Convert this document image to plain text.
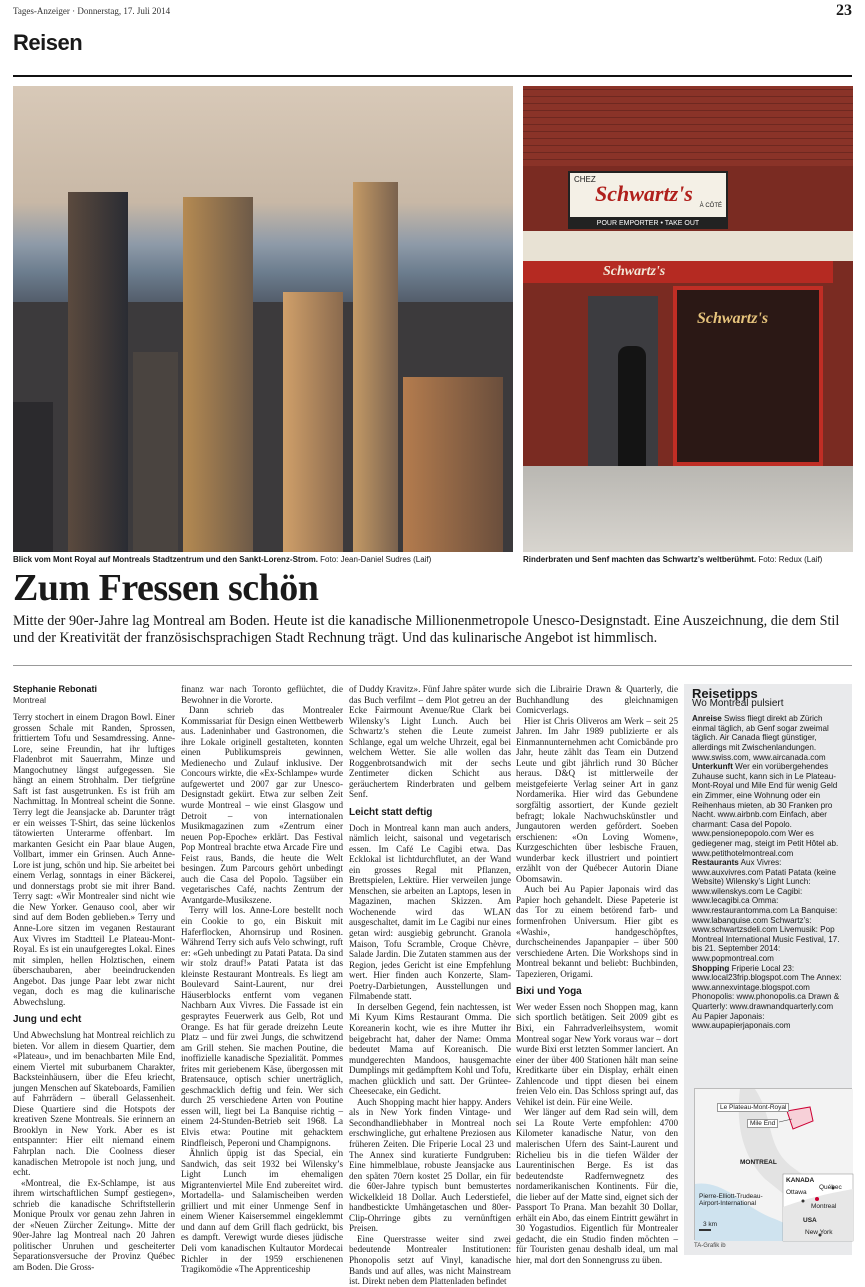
Tages-Anzeiger · Donnerstag, 17. Juli 2014	23
Reisen
Blick vom Mont Royal auf Montreals Stadtzentrum und den Sankt-Lorenz-Strom. Foto: Jean-Daniel Sudres (Laif)
CHEZ
Schwartz's À CÔTÉ
POUR EMPORTER • TAKE OUT
Schwartz's
Schwartz's
Rinderbraten und Senf machten das Schwartz’s weltberühmt. Foto: Redux (Laif)
Zum Fressen schön
Mitte der 90er-Jahre lag Montreal am Boden. Heute ist die kanadische Millionenmetropole Unesco-Designstadt. Eine Auszeichnung, die dem Stil und der Kreativität der französischsprachigen Stadt Rechnung trägt. Und das kulinarische Angebot ist himmlisch.
Stephanie Rebonati
Montreal

Terry stochert in einem Dragon Bowl. Einer grossen Schale mit Randen, Sprossen, frittiertem Tofu und Sesamdressing. Anne-Lore, seine Freundin, hat ihr luftiges Fladenbrot mit Sauerrahm, Minze und Mangochutney längst aufgegessen. Sie hängt an einem Strohhalm. Der tiefgrüne Saft ist fast ausgetrunken. Es ist früh am Nachmittag. In Montreal scheint die Sonne. Terry legt die Jeansjacke ab. Darunter trägt er ein weisses T-Shirt, das seine lückenlos tätowierten Unterarme offenbart. Im markanten Gesicht ein Paar blaue Augen, Vollbart, immer ein Grinsen. Auch Anne-Lore ist jung, schön und hip. Sie arbeitet bei einem Verlag, sonntags in einer Bäckerei, und donnerstags probt sie mit ihrer Band. Terry sagt: «Wir Montrealer sind nicht wie die New Yorker. Genauso cool, aber wir sind auf dem Boden geblieben.» Terry und Anne-Lore sitzen im veganen Restaurant Aux Vivres im Stadtteil Le Plateau-Mont-Royal. Es ist ein unaufgeregtes Lokal. Eines mit simplen, hellen Holztischen, einem überschaubaren, aber beeindruckenden Angebot. Das junge Paar lebt zwar nicht vegan, doch es mag die kulinarische Abwechslung.

Jung und echt

Und Abwechslung hat Montreal reichlich zu bieten. Vor allem in diesem Quartier, dem «Plateau», und im benachbarten Mile End, einem Viertel mit suburbanem Charakter, Backsteinhäusern, über die Efeu kriecht, jungen Menschen auf Skateboards, Familien auf Fahrrädern – überall Gelassenheit. Diese Quartiere sind die Hotspots der kreativen Szene Montreals. Sie erinnern an Brooklyn in New York. Aber es ist entspannter: Hier eilt niemand einem Fahrplan nach. Die Coolness dieser kanadischen Metropole ist noch jung, und echt.

«Montreal, die Ex-Schlampe, ist aus ihrem wirtschaftlichen Sumpf gestiegen», schrieb die kanadische Schriftstellerin Monique Proulx vor genau zehn Jahren in der «Neuen Zürcher Zeitung». Mitte der 90er-Jahre lag Montreal nach 20 Jahren politischer Unruhen und gescheiterter Separationsversuche der Provinz Québec am Boden. Die Gross-

finanz war nach Toronto geflüchtet, die Bewohner in die Vororte.

Dann schrieb das Montrealer Kommissariat für Design einen Wettbewerb aus. Ladeninhaber und Gastronomen, die ihre Lokale originell gestalteten, konnten einen Publikumspreis gewinnen, Medienecho und Zulauf inklusive. Der Concours wirkte, die «Ex-Schlampe» wurde aufgewertet und 2007 gar zur Unesco-Designstadt gekürt. Etwa zur selben Zeit wurde Montreal – wie einst Glasgow und Detroit – von internationalen Musikmagazinen zum «Zentrum einer neuen Pop-Epoche» erklärt. Das Festival Pop Montreal brachte etwa Arcade Fire und Feist raus, Bands, die heute die Welt besingen. Zum Parcours gehört unbedingt auch die Casa del Popolo. Tagsüber ein vegetarisches Café, nachts Zentrum der Avantgarde-Musikszene.

Terry will los. Anne-Lore bestellt noch ein Cookie to go, ein Biskuit mit Haferflocken, Ahornsirup und Rosinen. Während Terry sich aufs Velo schwingt, ruft er: «Geh unbedingt zu Patati Patata. Da sind wir stolz drauf!» Patati Patata ist das kleinste Restaurant Montreals. Es liegt am Boulevard Saint-Laurent, nur drei Häuserblocks entfernt vom veganen Nachbarn Aux Vivres. Die Fassade ist ein gespraytes Feuerwerk aus Gelb, Rot und Orange. Es hat für gerade dreizehn Leute Platz – und für zwei Jungs, die schwitzend am Grill stehen. Sie machen Poutine, die inoffizielle kanadische Spezialität. Pommes frites mit geriebenem Käse, übergossen mit Bratensauce, optisch schier unerträglich, geschmacklich deftig und fein. Wer sich durch 25 verschiedene Arten von Poutine essen will, liegt bei La Banquise richtig – einem 24-Stunden-Betrieb seit 1968. La Elvis etwa: Poutine mit gehacktem Rindfleisch, Peperoni und Champignons.

Ähnlich üppig ist das Special, ein Sandwich, das seit 1932 bei Wilensky’s Light Lunch im ehemaligen Migrantenviertel Mile End zubereitet wird. Mortadella- und Salamischeiben werden grilliert und mit einer Unmenge Senf in einem Wiener Kaisersemmel eingeklemmt und dann auf dem Grill flach gedrückt, bis es dampft. Verewigt wurde dieses jüdische Deli vom kanadischen Kultautor Mordecai Richler in der 1959 erschienenen Tragikomödie «The Apprenticeship

of Duddy Kravitz». Fünf Jahre später wurde das Buch verfilmt – dem Plot getreu an der Ecke Fairmount Avenue/Rue Clark bei Wilensky’s Light Lunch. Auch bei Schwartz’s stehen die Leute zumeist Schlange, egal um welche Uhrzeit, egal bei welchem Wetter. Sie alle wollen das Roggenbrotsandwich mit der sechs Zentimeter dicken Schicht aus geräuchertem Rinderbraten und gelbem Senf.

Leicht statt deftig

Doch in Montreal kann man auch anders, nämlich leicht, saisonal und vegetarisch essen. Im Café Le Cagibi etwa. Das Ecklokal ist lichtdurchflutet, an der Wand ein grosses Regal mit Pflanzen, Brettspielen, Lektüre. Hier verweilen junge Menschen, sie arbeiten an Laptops, lesen in Magazinen, machen Skizzen. Am Wochenende wird das WLAN ausgeschaltet, damit im Le Cagibi nur eines getan wird: ausgiebig gebruncht. Granola Maison, Tofu Scramble, Croque Chèvre, Salade Jardin. Die Zutaten stammen aus der Region, jedes Gericht ist eine Empfehlung wert. Hier finden auch Konzerte, Slam-Poetry-Darbietungen, Ausstellungen und Filmabende statt.

In derselben Gegend, fein nachtessen, ist Mi Kyum Kims Restaurant Omma. Die Koreanerin kocht, wie es ihre Mutter ihr beigebracht hat, daher der Name: Omma bedeutet Mama auf Koreanisch. Die mundgerechten Mandoos, hausgemachte Dumplings mit gedämpftem Kohl und Tofu, machen glücklich und satt. Der Grüntee-Cheesecake, ein Gedicht.

Auch Shopping macht hier happy. Anders als in New York finden Vintage- und Secondhandliebhaber in Montreal noch erschwingliche, gut erhaltene Preziosen aus früheren Zeiten. Die Friperie Local 23 und The Annex sind kuratierte Fundgruben: Eine himmelblaue, robuste Jeansjacke aus den späten 70ern kostet 25 Dollar, ein für die 60er-Jahre typisch bunt bemustertes Wickelkleid 18 Dollar. Auch Lederstiefel, handbestickte Umhängetaschen und 80er-Clip-Ohrringe gibts zu vernünftigen Preisen.

Eine Querstrasse weiter sind zwei bedeutende Montrealer Institutionen: Phonopolis setzt auf Vinyl, kanadische Bands und auf alles, was nicht Mainstream ist. Direkt neben dem Plattenladen befindet

sich die Librairie Drawn & Quarterly, die Buchhandlung des gleichnamigen Comicverlags.

Hier ist Chris Oliveros am Werk – seit 25 Jahren. Im Jahr 1989 publizierte er als Einmannunternehmen acht Comicbände pro Jahr, heute zählt das Team ein Dutzend Leute und gibt jährlich rund 30 Bücher heraus. D&Q ist mittlerweile der meistgefeierte Verlag seiner Art in ganz Nordamerika. Hier wird das Gebundene sorgfältig assortiert, der Kunde gezielt befragt; lokale Nachwuchskünstler und Jungautoren werden gefördert. Soeben erschienen: «On Loving Women», Kurzgeschichten über lesbische Frauen, wunderbar keck illustriert und pointiert erzählt von der Québecer Autorin Diane Obomsawin.

Auch bei Au Papier Japonais wird das Papier hoch gehandelt. Diese Papeterie ist das Tor zu einem betörend farb- und formenfrohen Universum. Hier gibt es «Washi», handgeschöpftes, durchscheinendes Japanpapier – über 500 verschiedene Arten. Die Workshops sind in Montreal bekannt und beliebt: Buchbinden, Tapezieren, Origami.

Bixi und Yoga

Wer weder Essen noch Shoppen mag, kann sich sportlich betätigen. Seit 2009 gibt es Bixi, ein Fahrradverleihsystem, womit Montreal sogar New York voraus war – dort wurde Bixi erst letzten Sommer lanciert. An einer der über 400 Stationen hält man seine Kreditkarte über ein Display, erhält einen Zahlencode und tippt diesen bei einem freien Velo ein. Das Schloss springt auf, das Vehikel ist dein. Für eine Weile.

Wer länger auf dem Rad sein will, dem sei La Route Verte empfohlen: 4700 Kilometer kanadische Natur, von den malerischen Ufern des Saint-Laurent und Richelieu bis in die tiefen Wälder der Laurentinischen Berge. Es ist das bedeutendste Radfernwegnetz des nordamerikanischen Kontinents. Für die, die lieber auf der Matte sind, eignet sich der Passport To Prana. Man bezahlt 30 Dollar, erhält ein Abo, das einem Eintritt gewährt in 30 Yogastudios. Eigentlich für Montrealer gedacht, die ein Studio finden möchten – für Touristen genau deshalb ideal, um mal hier, mal dort den Sonnengruss zu üben.

Reisetipps
Wo Montreal pulsiert

Anreise Swiss fliegt direkt ab Zürich einmal täglich, ab Genf sogar zweimal täglich. Air Canada fliegt günstiger, allerdings mit Zwischenlandungen. www.swiss.com, www.aircanada.com

Unterkunft Wer ein vorübergehendes Zuhause sucht, kann sich in Le Plateau-Mont-Royal und Mile End für wenig Geld ein Zimmer, eine Wohnung oder ein Reihenhaus mieten, ab 30 Franken pro Nacht. www.airbnb.com Einfach, aber charmant: Casa del Popolo. www.pensionepopolo.com Wer es gediegener mag, steigt im Petit Hôtel ab. www.petithotelmontreal.com

Restaurants Aux Vivres: www.auxvivres.com Patati Patata (keine Website) Wilensky’s Light Lunch: www.wilenskys.com Le Cagibi: www.lecagibi.ca Omma: www.restaurantomma.com La Banquise: www.labanquise.com Schwartz’s: www.schwartzsdeli.com Livemusik: Pop Montreal International Music Festival, 17. bis 21. September 2014: www.popmontreal.com

Shopping Friperie Local 23: www.local23frip.blogspot.com The Annex: www.annexvintage.blogspot.com Phonopolis: www.phonopolis.ca Drawn & Quarterly: www.drawnandquarterly.com Au Papier Japonais: www.aupapierjaponais.com

Le Plateau-Mont-Royal
Mile End
MONTREAL
Pierre-Elliott-Trudeau-Airport-International
3 km
KANADA
Ottawa
Québec
Montreal
USA
New York
TA-Grafik ib
